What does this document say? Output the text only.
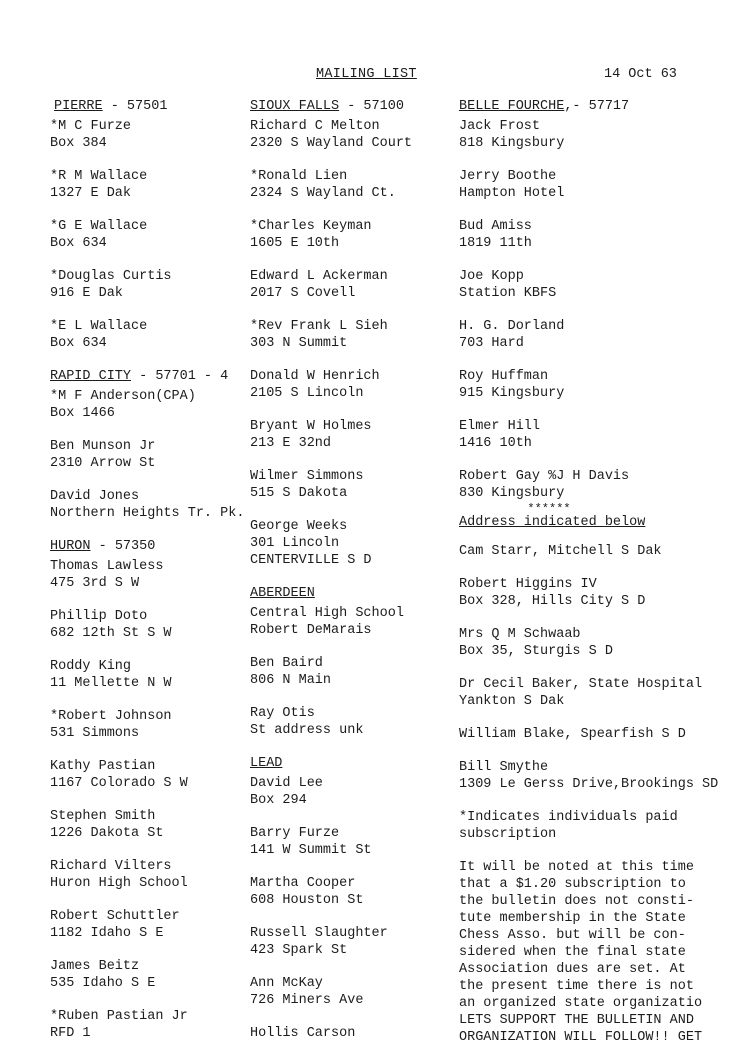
MAILING LIST	14 Oct 63
PIERRE - 57501
*M C Furze
Box 384
*R M Wallace
1327 E Dak
*G E Wallace
Box 634
*Douglas Curtis
916 E Dak
*E L Wallace
Box 634
RAPID CITY - 57701 - 4
*M F Anderson(CPA)
Box 1466
Ben Munson Jr
2310 Arrow St
David Jones
Northern Heights Tr. Pk.
HURON - 57350
Thomas Lawless
475 3rd S W
Phillip Doto
682 12th St S W
Roddy King
11 Mellette N W
*Robert Johnson
531 Simmons
Kathy Pastian
1167 Colorado S W
Stephen Smith
1226 Dakota St
Richard Vilters
Huron High School
Robert Schuttler
1182 Idaho S E
James Beitz
535 Idaho S E
*Ruben Pastian Jr
RFD 1
SIOUX FALLS - 57100
Richard C Melton
2320 S Wayland Court
*Ronald Lien
2324 S Wayland Ct.
*Charles Keyman
1605 E 10th
Edward L Ackerman
2017 S Covell
*Rev Frank L Sieh
303 N Summit
Donald W Henrich
2105 S Lincoln
Bryant W Holmes
213 E 32nd
Wilmer Simmons
515 S Dakota
George Weeks
301 Lincoln
CENTERVILLE S D
ABERDEEN
Central High School
Robert DeMarais
Ben Baird
806 N Main
Ray Otis
St address unk
LEAD
David Lee
Box 294
Barry Furze
141 W Summit St
Martha Cooper
608 Houston St
Russell Slaughter
423 Spark St
Ann McKay
726 Miners Ave
Hollis Carson
BELLE FOURCHE,- 57717
Jack Frost
818 Kingsbury
Jerry Boothe
Hampton Hotel
Bud Amiss
1819 11th
Joe Kopp
Station KBFS
H. G. Dorland
703 Hard
Roy Huffman
915 Kingsbury
Elmer Hill
1416 10th
Robert Gay %J H Davis
830 Kingsbury
******
Address indicated below
Cam Starr, Mitchell S Dak
Robert Higgins IV
Box 328, Hills City S D
Mrs Q M Schwaab
Box 35, Sturgis S D
Dr Cecil Baker, State Hospital
Yankton S Dak
William Blake, Spearfish S D
Bill Smythe
1309 Le Gerss Drive,Brookings SD
*Indicates individuals paid
subscription
It will be noted at this time
that a $1.20 subscription to
the bulletin does not consti-
tute membership in the State
Chess Asso. but will be con-
sidered when the final state
Association dues are set. At
the present time there is not
an organized state organizatio
LETS SUPPORT THE BULLETIN AND
ORGANIZATION WILL FOLLOW!! GET
